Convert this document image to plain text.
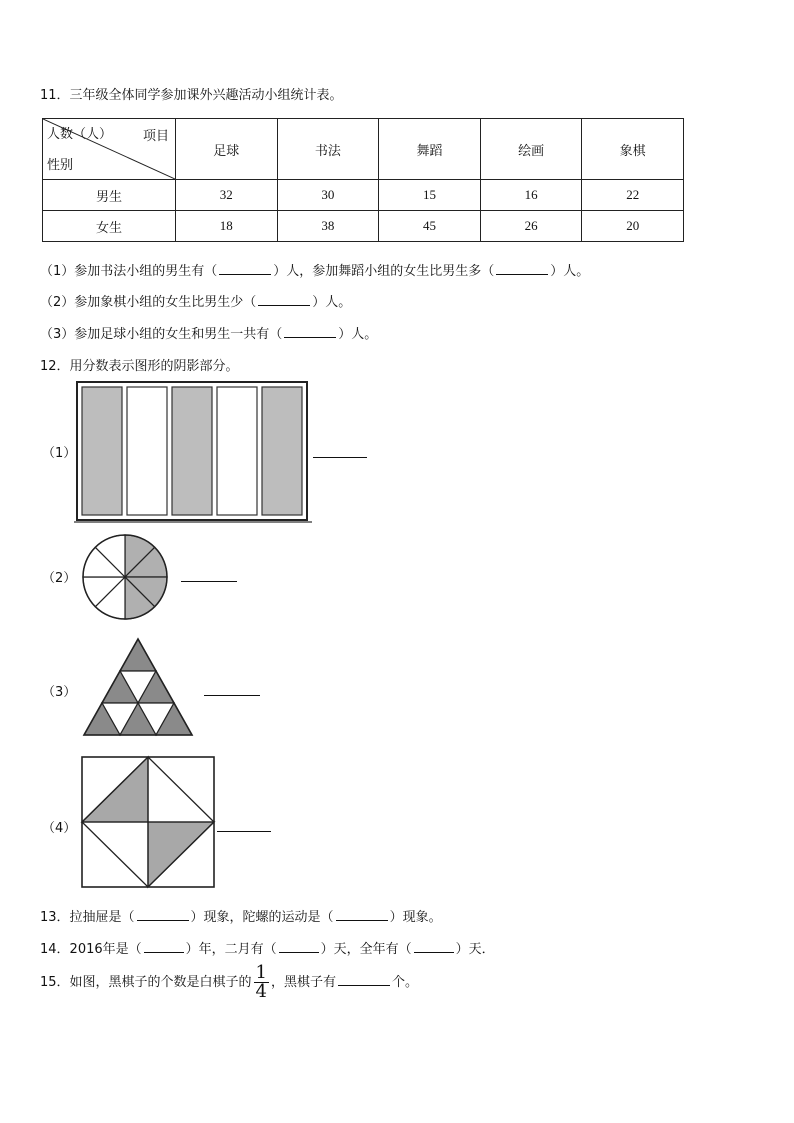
11．三年级全体同学参加课外兴趣活动小组统计表。
项目
人数（人）
性别	足球	书法	舞蹈	绘画	象棋
男生	32	30	15	16	22
女生	18	38	45	26	20
（1）参加书法小组的男生有（	）人，参加舞蹈小组的女生比男生多（	）人。
（2）参加象棋小组的女生比男生少（	）人。
（3）参加足球小组的女生和男生一共有（	）人。
12．用分数表示图形的阴影部分。
（1）
（2）
（3）
（4）
13．拉抽屉是（	）现象，陀螺的运动是（	）现象。
14．2016年是（	）年，二月有（	）天，全年有（	）天．
15．如图，黑棋子的个数是白棋子的 $\frac{1}{4}$ ，黑棋子有	个。
